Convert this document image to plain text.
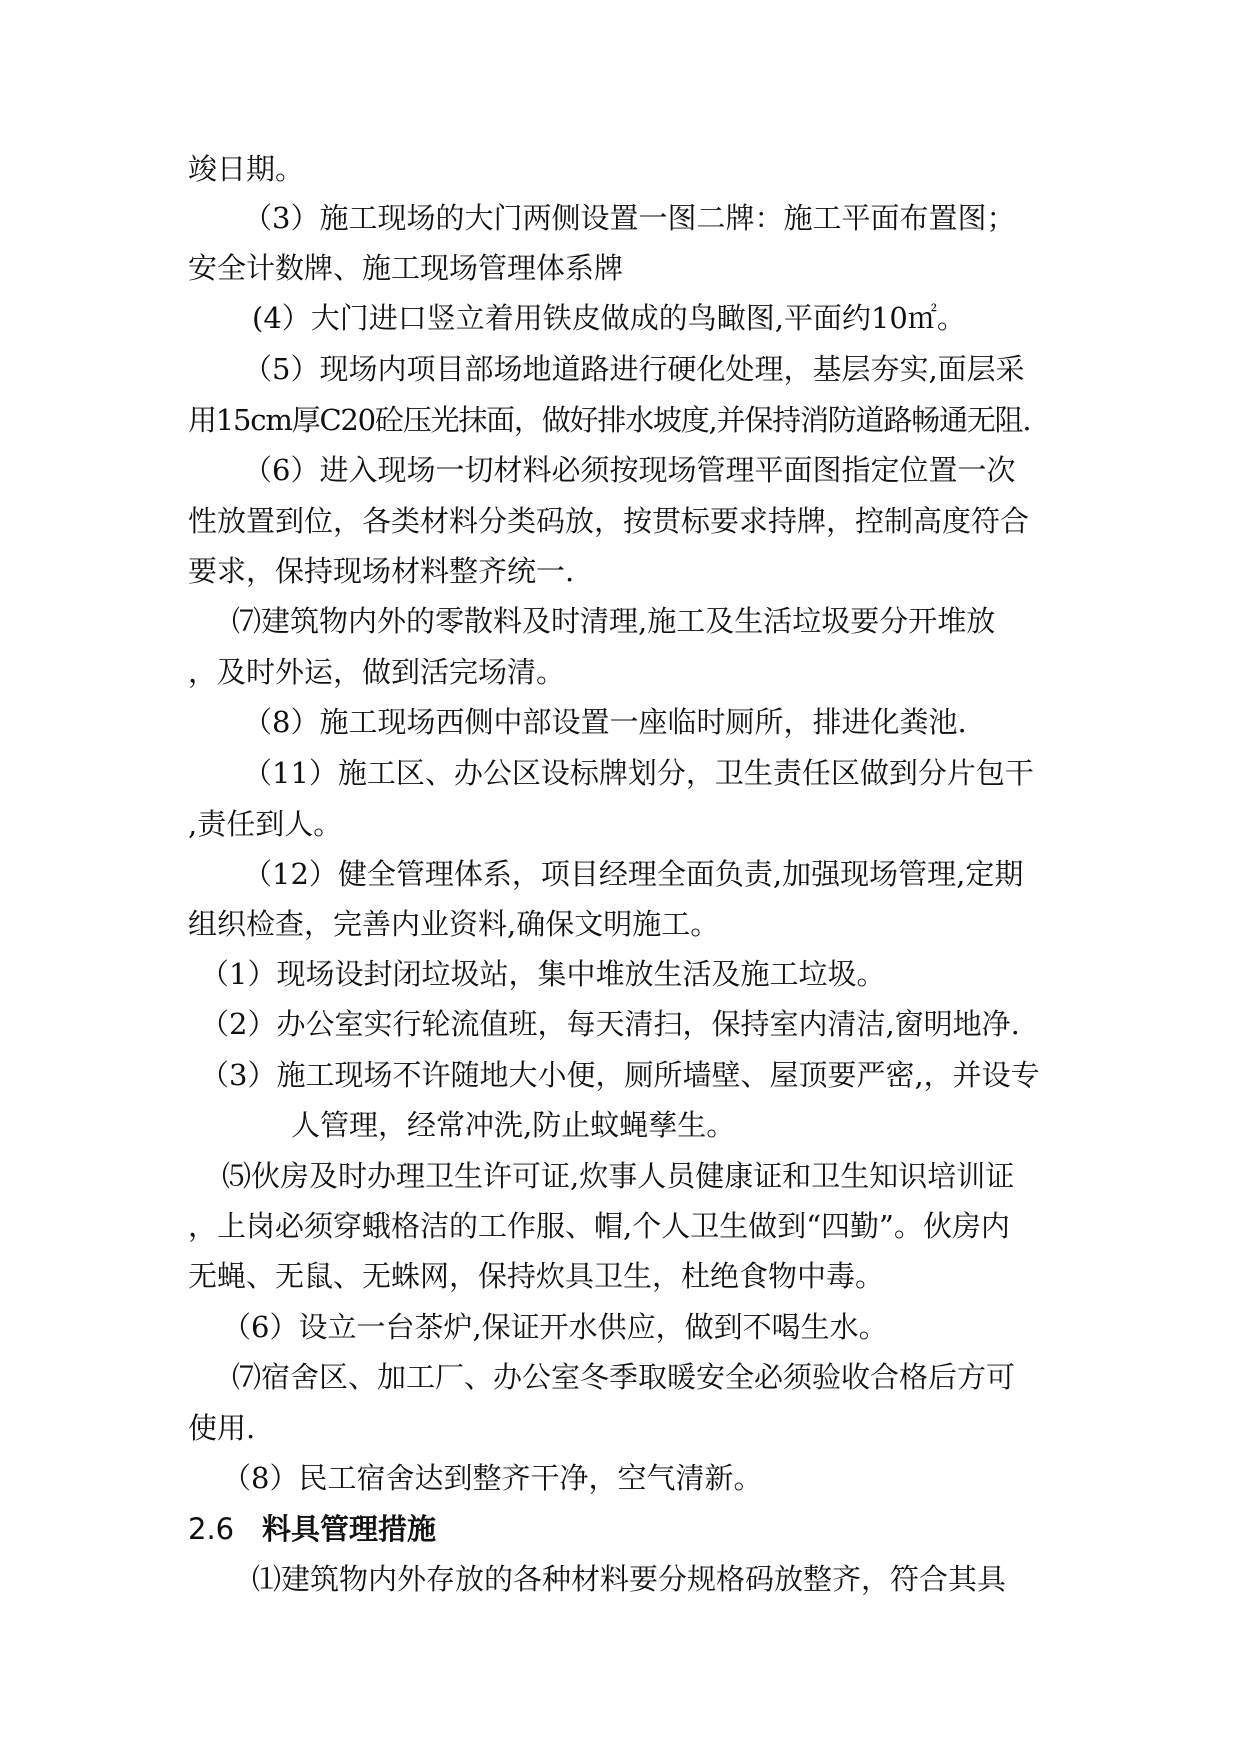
竣日期。
（3）施工现场的大门两侧设置一图二牌：施工平面布置图；
安全计数牌、施工现场管理体系牌
(4）大门进口竖立着用铁皮做成的鸟瞰图,平面约10㎡。
（5）现场内项目部场地道路进行硬化处理，基层夯实,面层采
用15cm厚C20砼压光抹面，做好排水坡度,并保持消防道路畅通无阻.
（6）进入现场一切材料必须按现场管理平面图指定位置一次
性放置到位，各类材料分类码放，按贯标要求持牌，控制高度符合
要求，保持现场材料整齐统一.
⑺建筑物内外的零散料及时清理,施工及生活垃圾要分开堆放
，及时外运，做到活完场清。
（8）施工现场西侧中部设置一座临时厕所，排进化粪池.
（11）施工区、办公区设标牌划分，卫生责任区做到分片包干
,责任到人。
（12）健全管理体系，项目经理全面负责,加强现场管理,定期
组织检查，完善内业资料,确保文明施工。
（1）现场设封闭垃圾站，集中堆放生活及施工垃圾。
（2）办公室实行轮流值班，每天清扫，保持室内清洁,窗明地净.
（3）施工现场不许随地大小便，厕所墙壁、屋顶要严密,，并设专
人管理，经常冲洗,防止蚊蝇孳生。
⑸伙房及时办理卫生许可证,炊事人员健康证和卫生知识培训证
，上岗必须穿蛾格洁的工作服、帽,个人卫生做到“四勤”。伙房内
无蝇、无鼠、无蛛网，保持炊具卫生，杜绝食物中毒。
（6）设立一台茶炉,保证开水供应，做到不喝生水。
⑺宿舍区、加工厂、办公室冬季取暖安全必须验收合格后方可
使用.
（8）民工宿舍达到整齐干净，空气清新。
2.6 料具管理措施
⑴建筑物内外存放的各种材料要分规格码放整齐，符合其具
